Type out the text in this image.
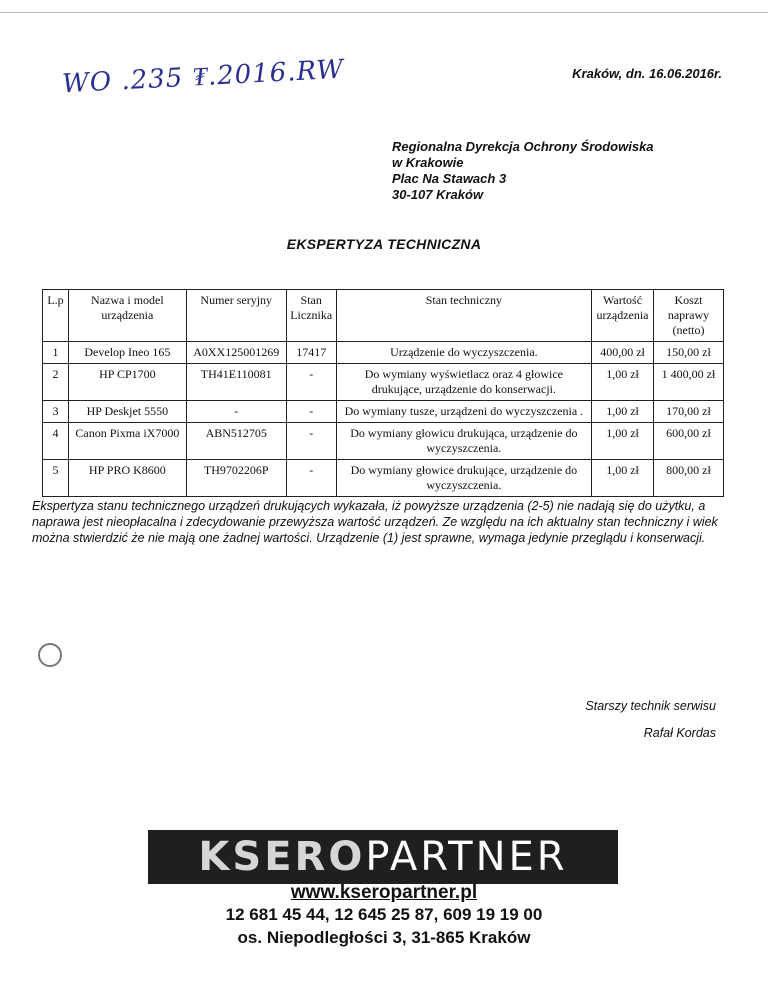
WO .235 ₮.2016.RW	Kraków, dn. 16.06.2016r.
Regionalna Dyrekcja Ochrony Środowiska
w Krakowie
Plac Na Stawach 3
30-107 Kraków
EKSPERTYZA TECHNICZNA
L.p	Nazwa i model urządzenia	Numer seryjny	Stan Licznika	Stan techniczny	Wartość urządzenia	Koszt naprawy (netto)
1	Develop Ineo 165	A0XX125001269	17417	Urządzenie do wyczyszczenia.	400,00 zł	150,00 zł
2	HP CP1700	TH41E110081	-	Do wymiany wyświetlacz oraz 4 głowice drukujące, urządzenie do konserwacji.	1,00 zł	1 400,00 zł
3	HP Deskjet 5550	-	-	Do wymiany tusze, urządzeni do wyczyszczenia .	1,00 zł	170,00 zł
4	Canon Pixma iX7000	ABN512705	-	Do wymiany głowicu drukująca, urządzenie do wyczyszczenia.	1,00 zł	600,00 zł
5	HP PRO K8600	TH9702206P	-	Do wymiany głowice drukujące, urządzenie do wyczyszczenia.	1,00 zł	800,00 zł
Ekspertyza stanu technicznego urządzeń drukujących wykazała, iż powyższe urządzenia (2-5) nie nadają się do użytku, a naprawa jest nieopłacalna i zdecydowanie przewyższa wartość urządzeń. Ze względu na ich aktualny stan techniczny i wiek można stwierdzić że nie mają one żadnej wartości. Urządzenie (1) jest sprawne, wymaga jedynie przeglądu i konserwacji.
Starszy technik serwisu
Rafał Kordas
KSERO PARTNER
www.kseropartner.pl
12 681 45 44, 12 645 25 87, 609 19 19 00
os. Niepodległości 3, 31-865 Kraków
